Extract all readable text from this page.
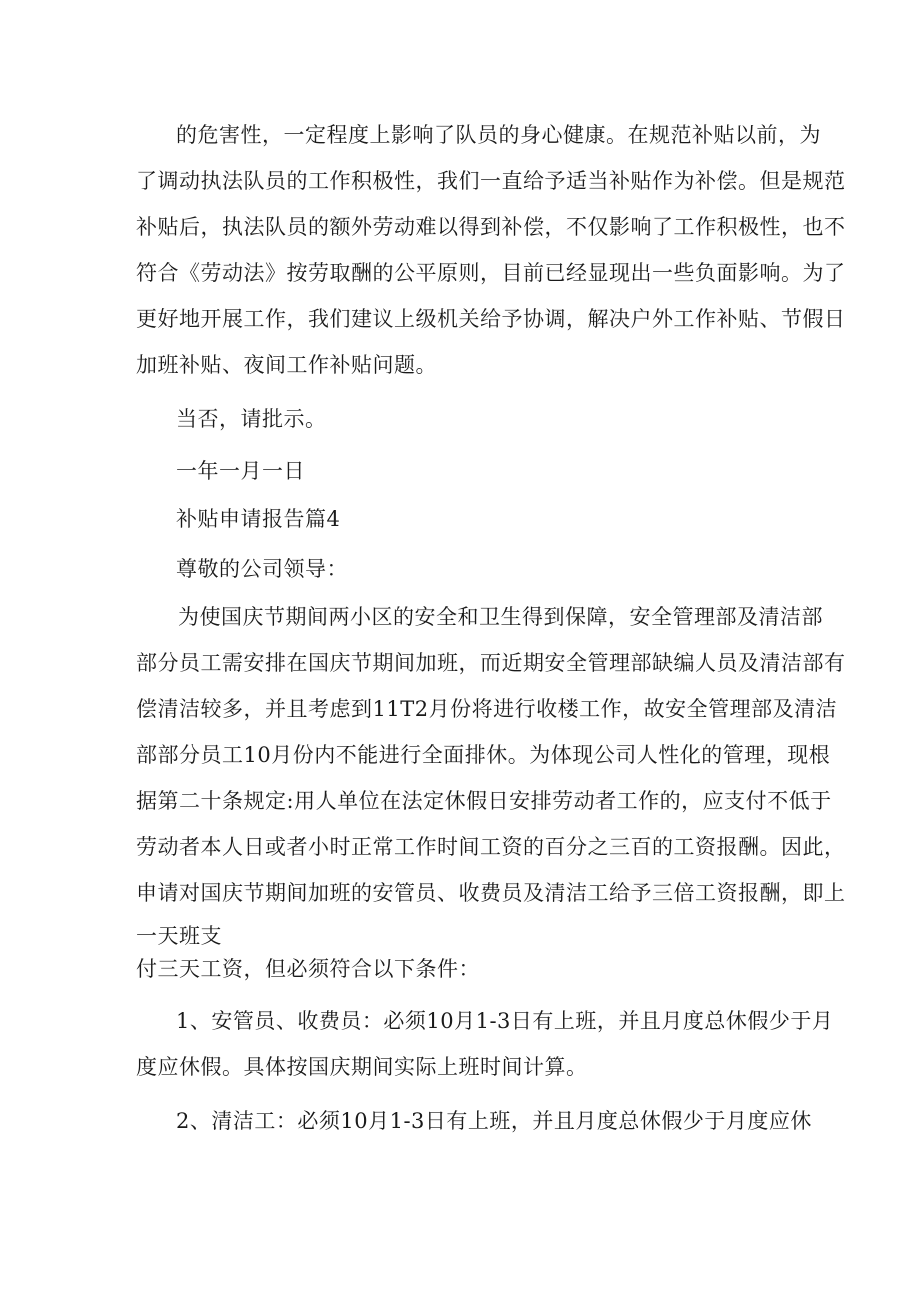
的危害性，一定程度上影响了队员的身心健康。在规范补贴以前，为
了调动执法队员的工作积极性，我们一直给予适当补贴作为补偿。但是规范
补贴后，执法队员的额外劳动难以得到补偿，不仅影响了工作积极性，也不
符合《劳动法》按劳取酬的公平原则，目前已经显现出一些负面影响。为了
更好地开展工作，我们建议上级机关给予协调，解决户外工作补贴、节假日
加班补贴、夜间工作补贴问题。
当否，请批示。
一年一月一日
补贴申请报告篇4
尊敬的公司领导：
为使国庆节期间两小区的安全和卫生得到保障，安全管理部及清洁部
部分员工需安排在国庆节期间加班，而近期安全管理部缺编人员及清洁部有
偿清洁较多，并且考虑到11T2月份将进行收楼工作，故安全管理部及清洁
部部分员工10月份内不能进行全面排休。为体现公司人性化的管理，现根
据第二十条规定:用人单位在法定休假日安排劳动者工作的，应支付不低于
劳动者本人日或者小时正常工作时间工资的百分之三百的工资报酬。因此，
申请对国庆节期间加班的安管员、收费员及清洁工给予三倍工资报酬，即上
一天班支
付三天工资，但必须符合以下条件：
1、安管员、收费员：必须10月1-3日有上班，并且月度总休假少于月
度应休假。具体按国庆期间实际上班时间计算。
2、清洁工：必须10月1-3日有上班，并且月度总休假少于月度应休
